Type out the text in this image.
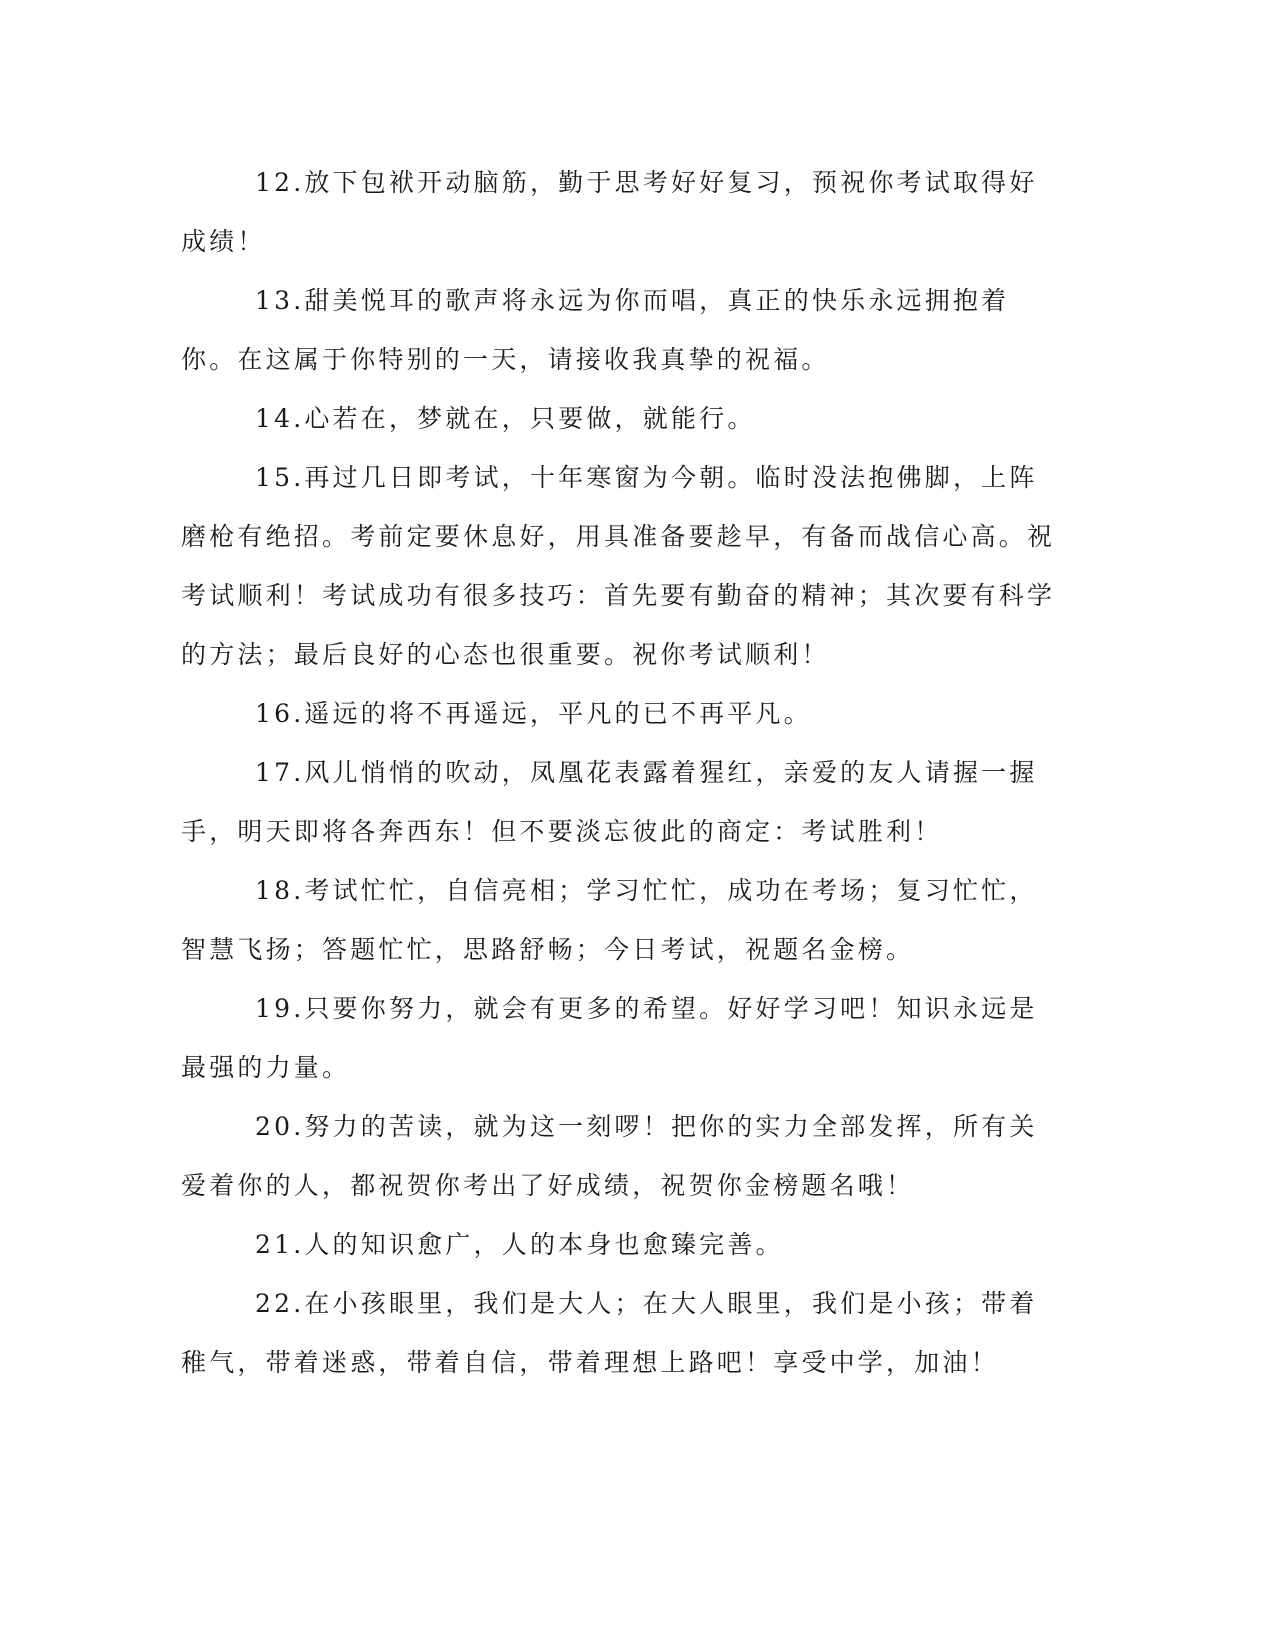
12.放下包袱开动脑筋，勤于思考好好复习，预祝你考试取得好成绩！

13.甜美悦耳的歌声将永远为你而唱，真正的快乐永远拥抱着你。在这属于你特别的一天，请接收我真挚的祝福。

14.心若在，梦就在，只要做，就能行。

15.再过几日即考试，十年寒窗为今朝。临时没法抱佛脚，上阵磨枪有绝招。考前定要休息好，用具准备要趁早，有备而战信心高。祝考试顺利！考试成功有很多技巧：首先要有勤奋的精神；其次要有科学的方法；最后良好的心态也很重要。祝你考试顺利！

16.遥远的将不再遥远，平凡的已不再平凡。

17.风儿悄悄的吹动，凤凰花表露着猩红，亲爱的友人请握一握手，明天即将各奔西东！但不要淡忘彼此的商定：考试胜利！

18.考试忙忙，自信亮相；学习忙忙，成功在考场；复习忙忙，智慧飞扬；答题忙忙，思路舒畅；今日考试，祝题名金榜。

19.只要你努力，就会有更多的希望。好好学习吧！知识永远是最强的力量。

20.努力的苦读，就为这一刻啰！把你的实力全部发挥，所有关爱着你的人，都祝贺你考出了好成绩，祝贺你金榜题名哦！

21.人的知识愈广，人的本身也愈臻完善。

22.在小孩眼里，我们是大人；在大人眼里，我们是小孩；带着稚气，带着迷惑，带着自信，带着理想上路吧！享受中学，加油！
